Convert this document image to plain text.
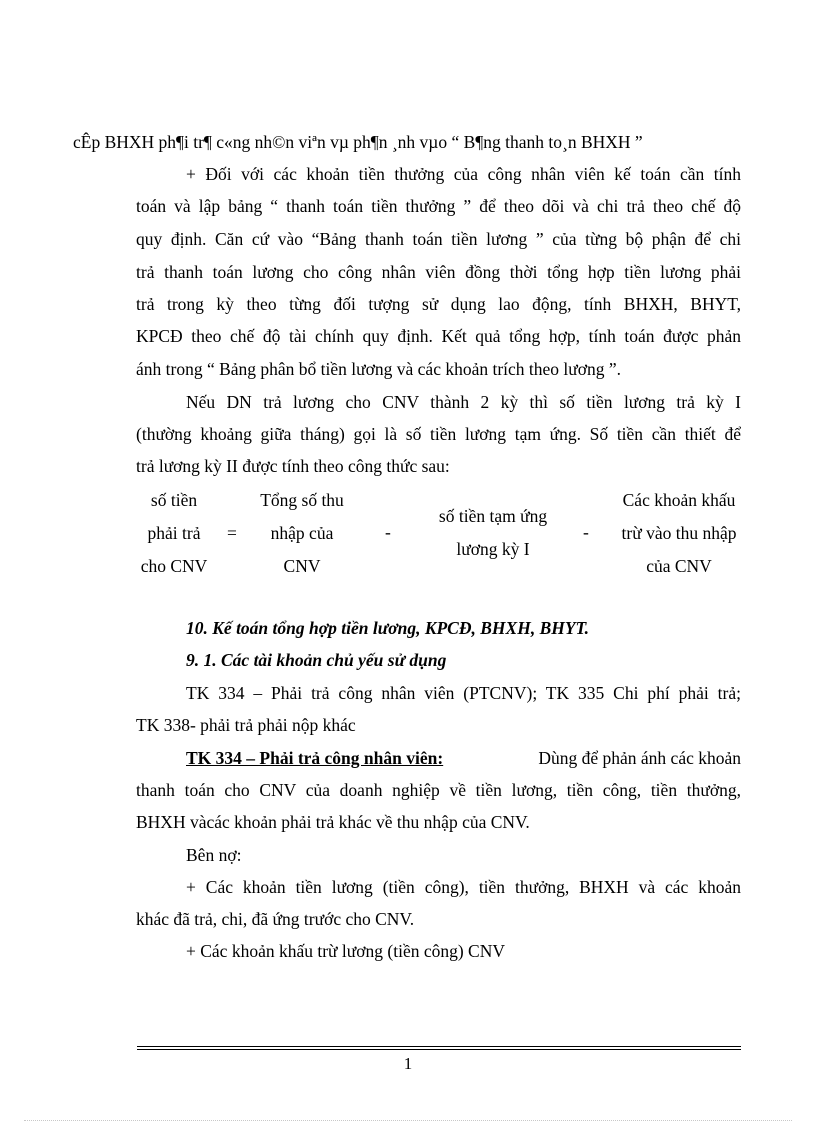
cÊp BHXH ph¶i tr¶ c«ng nh©n viªn vµ ph¶n ¸nh vµo “ B¶ng thanh to¸n BHXH ”
+ Đối với các khoản tiền thưởng của công nhân viên kế toán cần tính
toán và lập bảng “ thanh toán tiền thưởng ” để theo dõi và chi trả theo chế độ
quy định. Căn cứ vào “Bảng thanh toán tiền lương ” của từng bộ phận để chi
trả thanh toán lương cho công nhân viên đồng thời tổng hợp tiền lương phải
trả trong kỳ theo từng đối tượng sử dụng lao động, tính BHXH, BHYT,
KPCĐ theo chế độ tài chính quy định. Kết quả tổng hợp, tính toán được phản
ánh trong “ Bảng phân bổ tiền lương và các khoản trích theo lương ”.
Nếu DN trả lương cho CNV thành 2 kỳ thì số tiền lương trả kỳ I
(thường khoảng giữa tháng) gọi là số tiền lương tạm ứng. Số tiền cần thiết để
trả lương kỳ II được tính theo công thức sau:
số tiền
phải trả
cho CNV
=
Tổng số thu
nhập của
CNV
-
số tiền tạm ứng
lương kỳ I
-
Các khoản khấu
trừ vào thu nhập
của CNV
10. Kế toán tổng hợp tiền lương, KPCĐ, BHXH, BHYT.
9. 1. Các tài khoản chủ yếu sử dụng
TK 334 – Phải trả công nhân viên (PTCNV); TK 335 Chi phí phải trả;
TK 338- phải trả phải nộp khác
TK 334 – Phải trả công nhân viên:	Dùng để phản ánh các khoản
thanh toán cho CNV của doanh nghiệp về tiền lương, tiền công, tiền thưởng,
BHXH vàcác khoản phải trả khác về thu nhập của CNV.
Bên nợ:
+ Các khoản tiền lương (tiền công), tiền thưởng, BHXH và các khoản
khác đã trả, chi, đã ứng trước cho CNV.
+ Các khoản khấu trừ lương (tiền công) CNV
1
